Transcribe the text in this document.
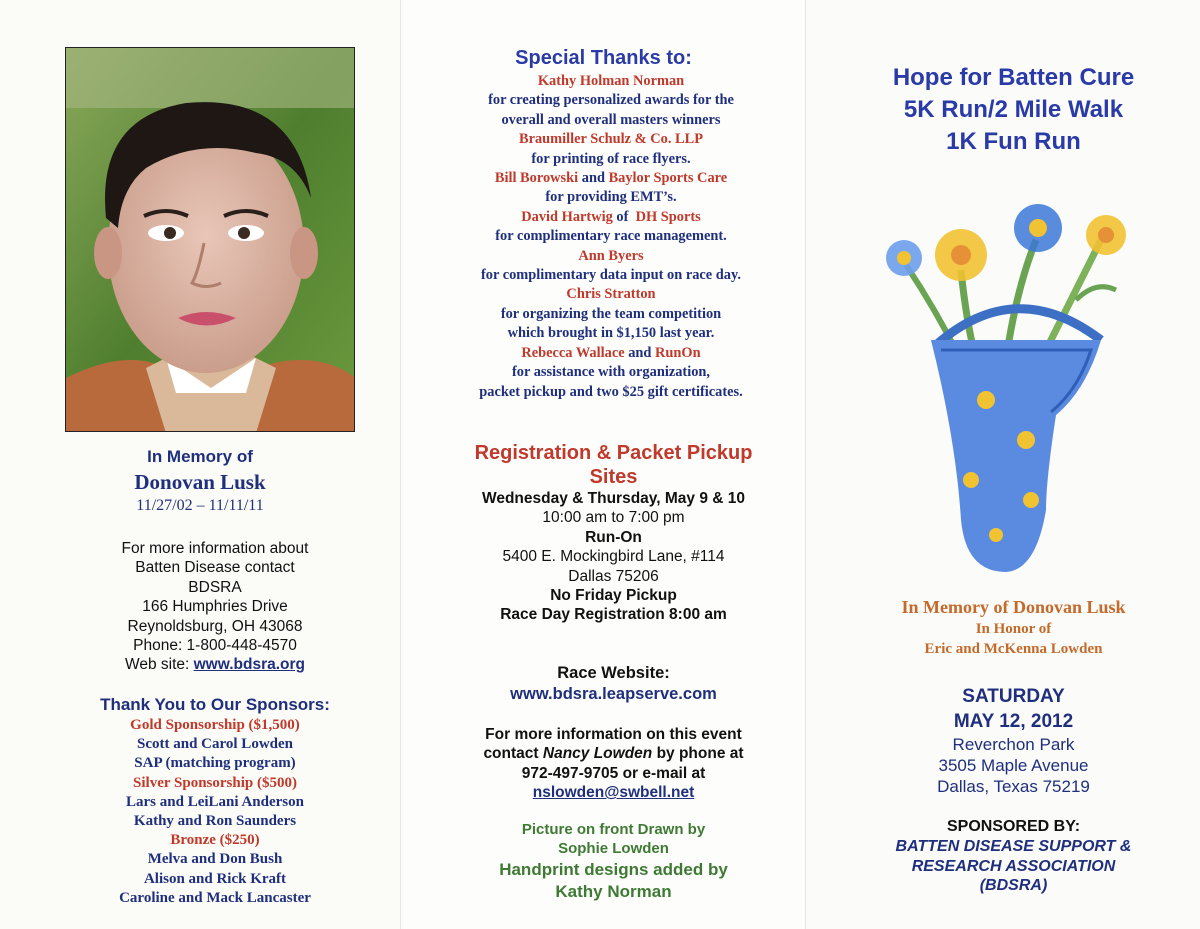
In Memory of
Donovan Lusk
11/27/02 – 11/11/11
For more information about
Batten Disease contact
BDSRA
166 Humphries Drive
Reynoldsburg, OH 43068
Phone: 1-800-448-4570
Web site: www.bdsra.org
Thank You to Our Sponsors:
Gold Sponsorship ($1,500)
Scott and Carol Lowden
SAP (matching program)
Silver Sponsorship ($500)
Lars and LeiLani Anderson
Kathy and Ron Saunders
Bronze ($250)
Melva and Don Bush
Alison and Rick Kraft
Caroline and Mack Lancaster
Special Thanks to:
Kathy Holman Norman
for creating personalized awards for the
overall and overall masters winners
Braumiller Schulz & Co. LLP
for printing of race flyers.
Bill Borowski and Baylor Sports Care
for providing EMT’s.
David Hartwig of  DH Sports
for complimentary race management.
Ann Byers
for complimentary data input on race day.
Chris Stratton
for organizing the team competition
which brought in $1,150 last year.
Rebecca Wallace and RunOn
for assistance with organization,
packet pickup and two $25 gift certificates.
Registration & Packet Pickup
Sites
Wednesday & Thursday, May 9 & 10
10:00 am to 7:00 pm
Run-On
5400 E. Mockingbird Lane, #114
Dallas 75206
No Friday Pickup
Race Day Registration 8:00 am
Race Website:
www.bdsra.leapserve.com
For more information on this event
contact Nancy Lowden by phone at
972-497-9705 or e-mail at
nslowden@swbell.net
Picture on front Drawn by
Sophie Lowden
Handprint designs added by
Kathy Norman
Hope for Batten Cure
5K Run/2 Mile Walk
1K Fun Run
In Memory of Donovan Lusk
In Honor of
Eric and McKenna Lowden
SATURDAY
MAY 12, 2012
Reverchon Park
3505 Maple Avenue
Dallas, Texas 75219
SPONSORED BY:
BATTEN DISEASE SUPPORT &
RESEARCH ASSOCIATION
(BDSRA)
